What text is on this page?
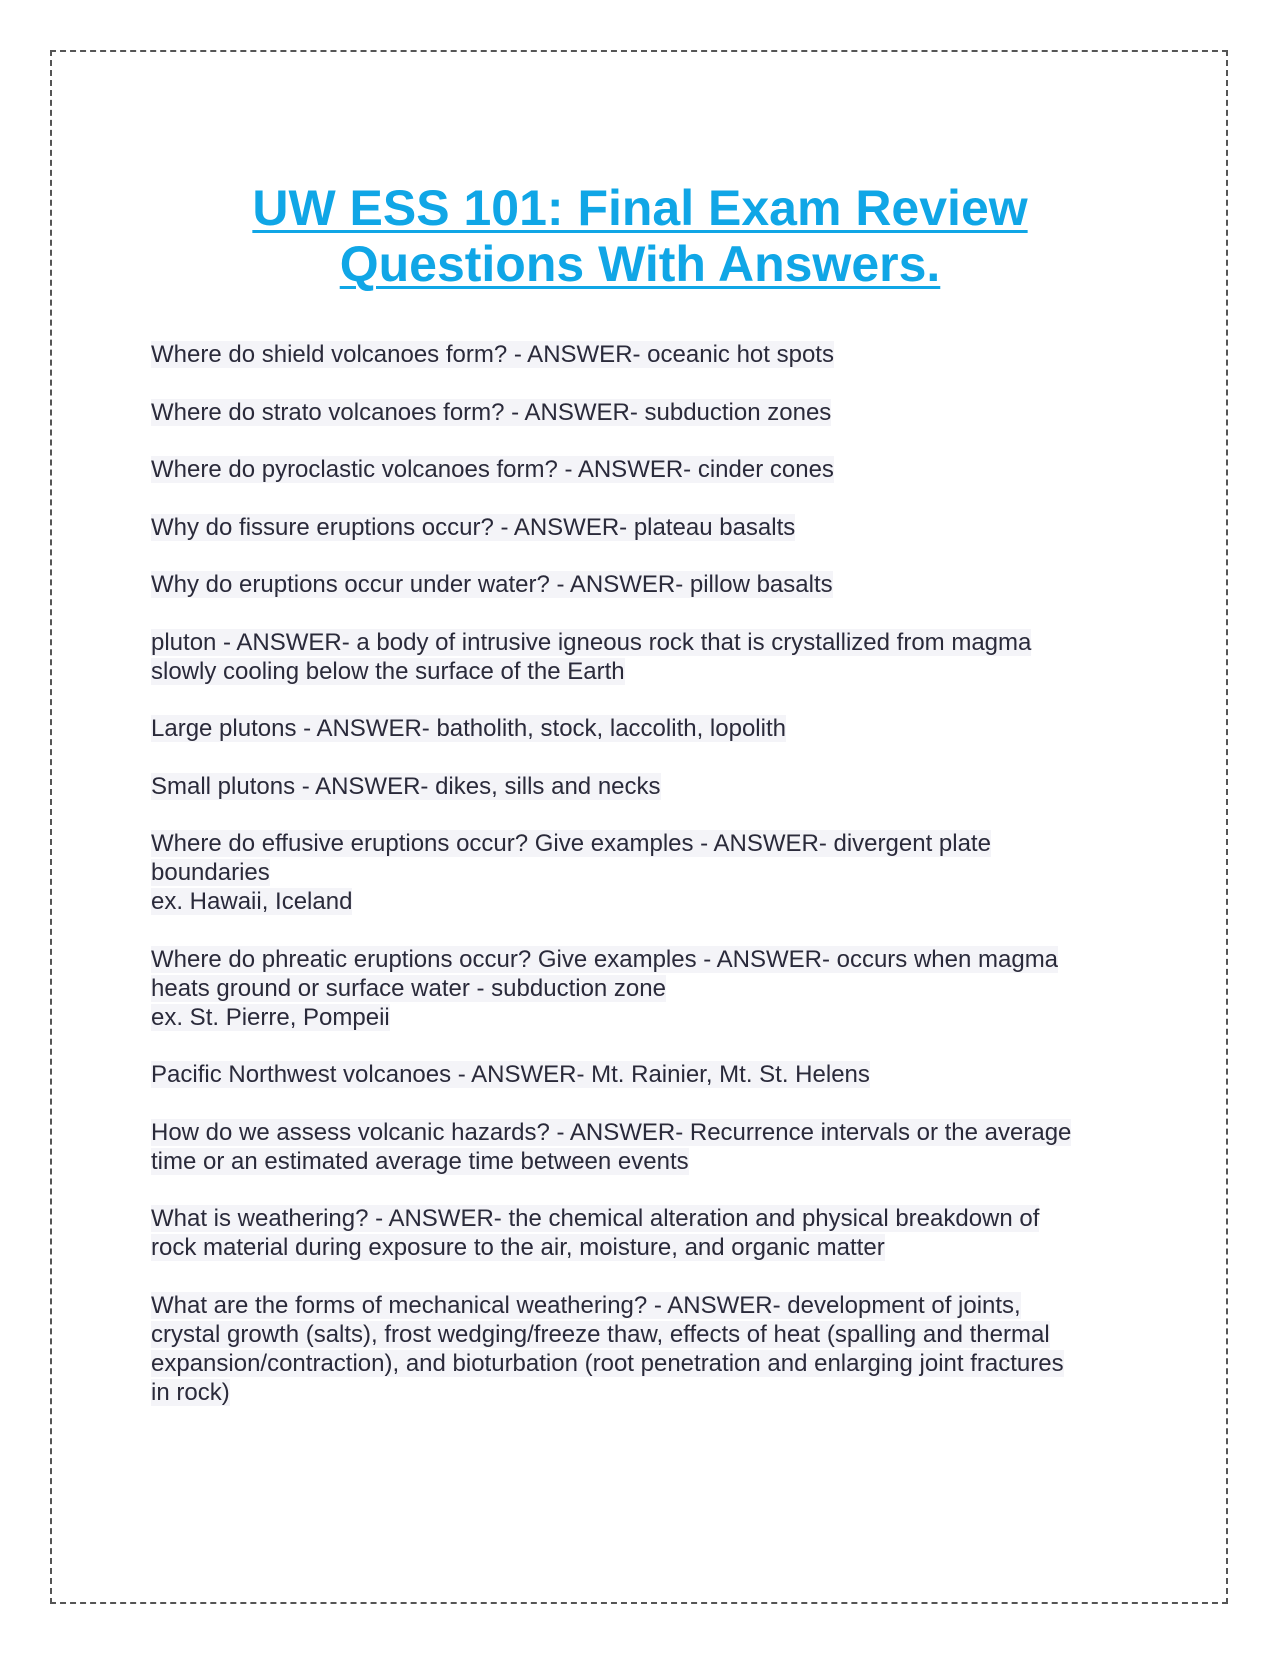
UW ESS 101: Final Exam Review Questions With Answers.

Where do shield volcanoes form? - ANSWER- oceanic hot spots

Where do strato volcanoes form? - ANSWER- subduction zones

Where do pyroclastic volcanoes form? - ANSWER- cinder cones

Why do fissure eruptions occur? - ANSWER- plateau basalts

Why do eruptions occur under water? - ANSWER- pillow basalts

pluton - ANSWER- a body of intrusive igneous rock that is crystallized from magma
slowly cooling below the surface of the Earth

Large plutons - ANSWER- batholith, stock, laccolith, lopolith

Small plutons - ANSWER- dikes, sills and necks

Where do effusive eruptions occur? Give examples - ANSWER- divergent plate
boundaries
ex. Hawaii, Iceland

Where do phreatic eruptions occur? Give examples - ANSWER- occurs when magma
heats ground or surface water - subduction zone
ex. St. Pierre, Pompeii

Pacific Northwest volcanoes - ANSWER- Mt. Rainier, Mt. St. Helens

How do we assess volcanic hazards? - ANSWER- Recurrence intervals or the average
time or an estimated average time between events

What is weathering? - ANSWER- the chemical alteration and physical breakdown of
rock material during exposure to the air, moisture, and organic matter

What are the forms of mechanical weathering? - ANSWER- development of joints,
crystal growth (salts), frost wedging/freeze thaw, effects of heat (spalling and thermal
expansion/contraction), and bioturbation (root penetration and enlarging joint fractures
in rock)
